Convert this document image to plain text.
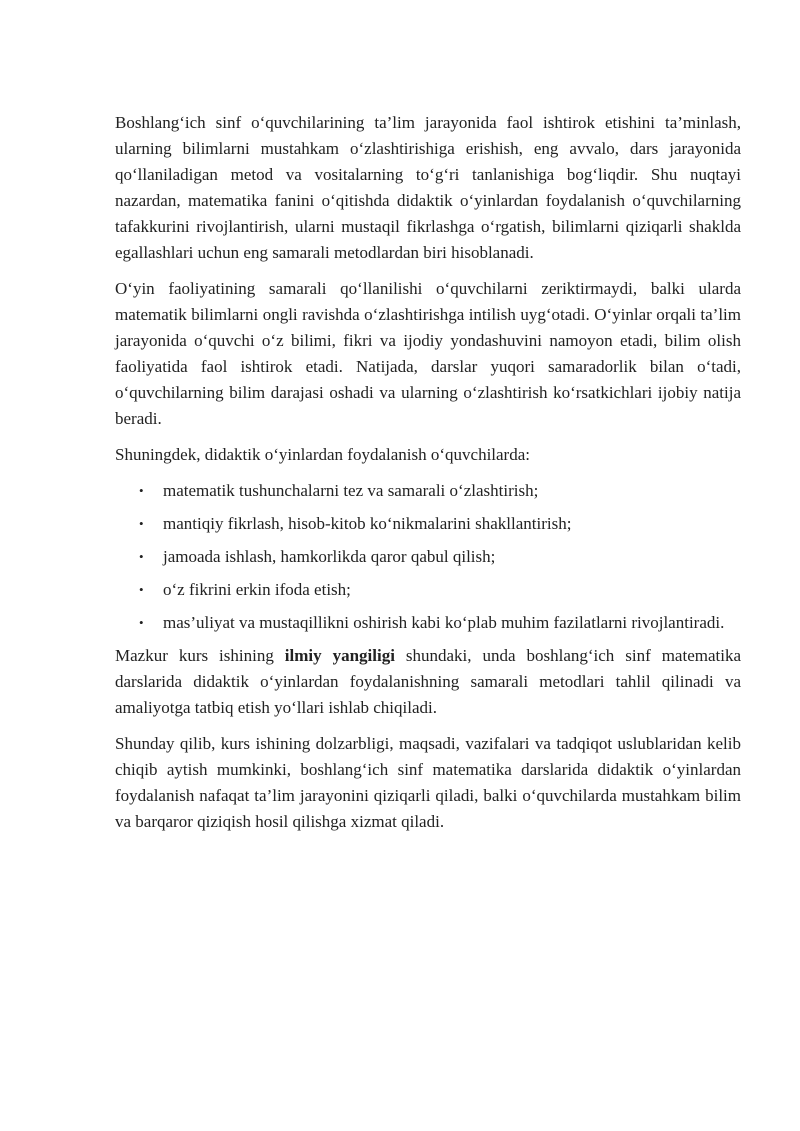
Boshlang‘ich sinf o‘quvchilarining ta’lim jarayonida faol ishtirok etishini ta’minlash, ularning bilimlarni mustahkam o‘zlashtirishiga erishish, eng avvalo, dars jarayonida qo‘llaniladigan metod va vositalarning to‘g‘ri tanlanishiga bog‘liqdir. Shu nuqtayi nazardan, matematika fanini o‘qitishda didaktik o‘yinlardan foydalanish o‘quvchilarning tafakkurini rivojlantirish, ularni mustaqil fikrlashga o‘rgatish, bilimlarni qiziqarli shaklda egallashlari uchun eng samarali metodlardan biri hisoblanadi.

O‘yin faoliyatining samarali qo‘llanilishi o‘quvchilarni zeriktirmaydi, balki ularda matematik bilimlarni ongli ravishda o‘zlashtirishga intilish uyg‘otadi. O‘yinlar orqali ta’lim jarayonida o‘quvchi o‘z bilimi, fikri va ijodiy yondashuvini namoyon etadi, bilim olish faoliyatida faol ishtirok etadi. Natijada, darslar yuqori samaradorlik bilan o‘tadi, o‘quvchilarning bilim darajasi oshadi va ularning o‘zlashtirish ko‘rsatkichlari ijobiy natija beradi.

Shuningdek, didaktik o‘yinlardan foydalanish o‘quvchilarda:

• matematik tushunchalarni tez va samarali o‘zlashtirish;
• mantiqiy fikrlash, hisob-kitob ko‘nikmalarini shakllantirish;
• jamoada ishlash, hamkorlikda qaror qabul qilish;
• o‘z fikrini erkin ifoda etish;
• mas’uliyat va mustaqillikni oshirish kabi ko‘plab muhim fazilatlarni rivojlantiradi.

Mazkur kurs ishining ilmiy yangiligi shundaki, unda boshlang‘ich sinf matematika darslarida didaktik o‘yinlardan foydalanishning samarali metodlari tahlil qilinadi va amaliyotga tatbiq etish yo‘llari ishlab chiqiladi.

Shunday qilib, kurs ishining dolzarbligi, maqsadi, vazifalari va tadqiqot uslublaridan kelib chiqib aytish mumkinki, boshlang‘ich sinf matematika darslarida didaktik o‘yinlardan foydalanish nafaqat ta’lim jarayonini qiziqarli qiladi, balki o‘quvchilarda mustahkam bilim va barqaror qiziqish hosil qilishga xizmat qiladi.
